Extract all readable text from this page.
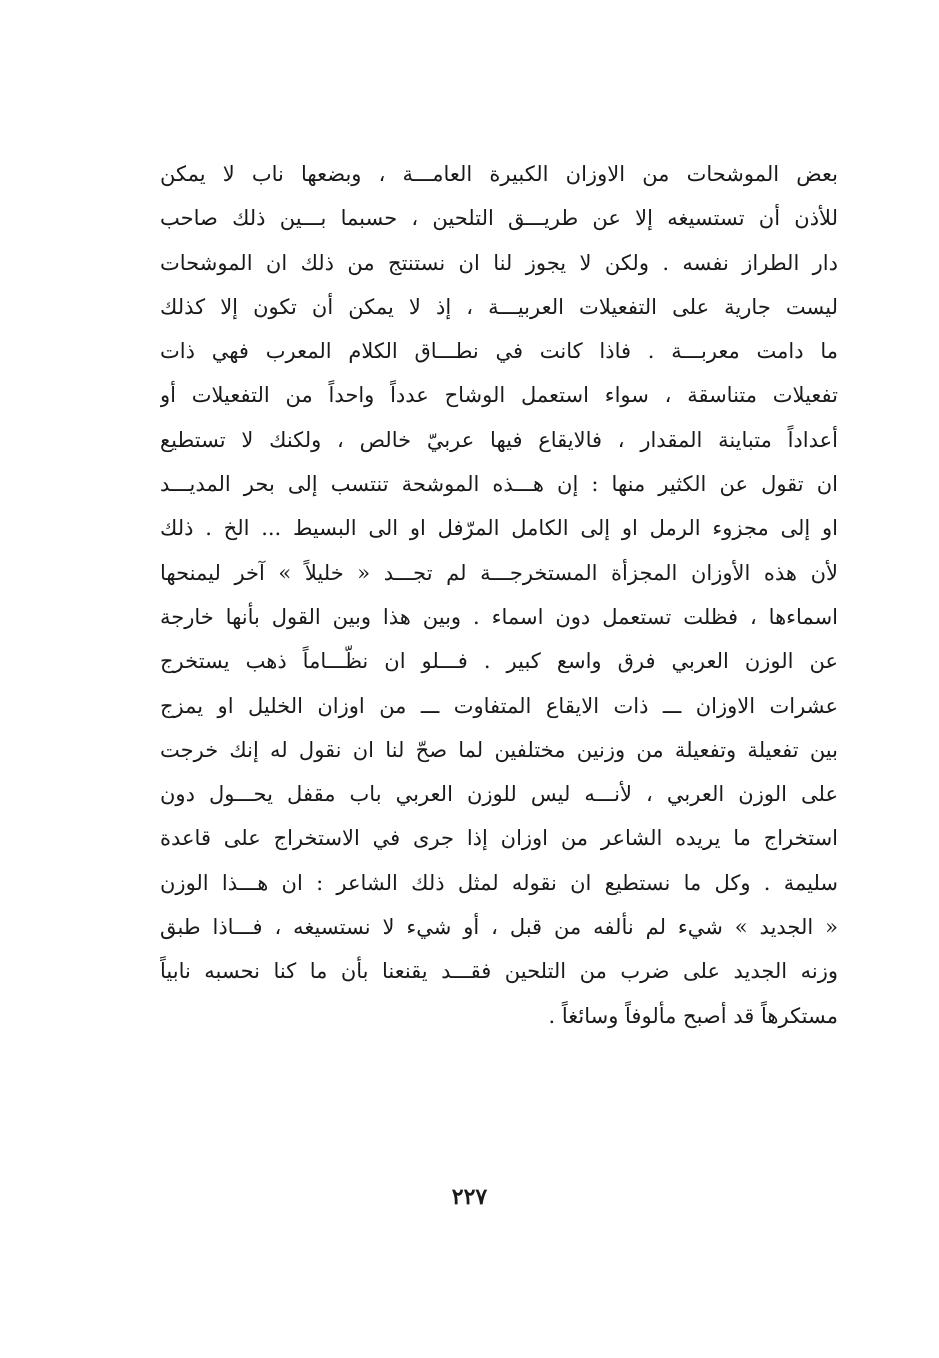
بعض الموشحات من الاوزان الكبيرة العامـــة ، وبضعها ناب لا يمكن
للأذن أن تستسيغه إلا عن طريـــق التلحين ، حسبما بـــين ذلك صاحب
دار الطراز نفسه . ولكن لا يجوز لنا ان نستنتج من ذلك ان الموشحات
ليست جارية على التفعيلات العربيـــة ، إذ لا يمكن أن تكون إلا كذلك
ما دامت معربـــة . فاذا كانت في نطـــاق الكلام المعرب فهي ذات
تفعيلات متناسقة ، سواء استعمل الوشاح عدداً واحداً من التفعيلات أو
أعداداً متباينة المقدار ، فالايقاع فيها عربيّ خالص ، ولكنك لا تستطيع
ان تقول عن الكثير منها : إن هـــذه الموشحة تنتسب إلى بحر المديـــد
او إلى مجزوء الرمل او إلى الكامل المرّفل او الى البسيط ... الخ . ذلك
لأن هذه الأوزان المجزأة المستخرجـــة لم تجـــد « خليلاً » آخر ليمنحها
اسماءها ، فظلت تستعمل دون اسماء . وبين هذا وبين القول بأنها خارجة
عن الوزن العربي فرق واسع كبير . فـــلو ان نظّـــاماً ذهب يستخرج
عشرات الاوزان ـــ ذات الايقاع المتفاوت ـــ من اوزان الخليل او يمزج
بين تفعيلة وتفعيلة من وزنين مختلفين لما صحّ لنا ان نقول له إنك خرجت
على الوزن العربي ، لأنـــه ليس للوزن العربي باب مقفل يحـــول دون
استخراج ما يريده الشاعر من اوزان إذا جرى في الاستخراج على قاعدة
سليمة . وكل ما نستطيع ان نقوله لمثل ذلك الشاعر : ان هـــذا الوزن
« الجديد » شيء لم نألفه من قبل ، أو شيء لا نستسيغه ، فـــاذا طبق
وزنه الجديد على ضرب من التلحين فقـــد يقنعنا بأن ما كنا نحسبه نابياً
مستكرهاً قد أصبح مألوفاً وسائغاً .
٢٢٧
